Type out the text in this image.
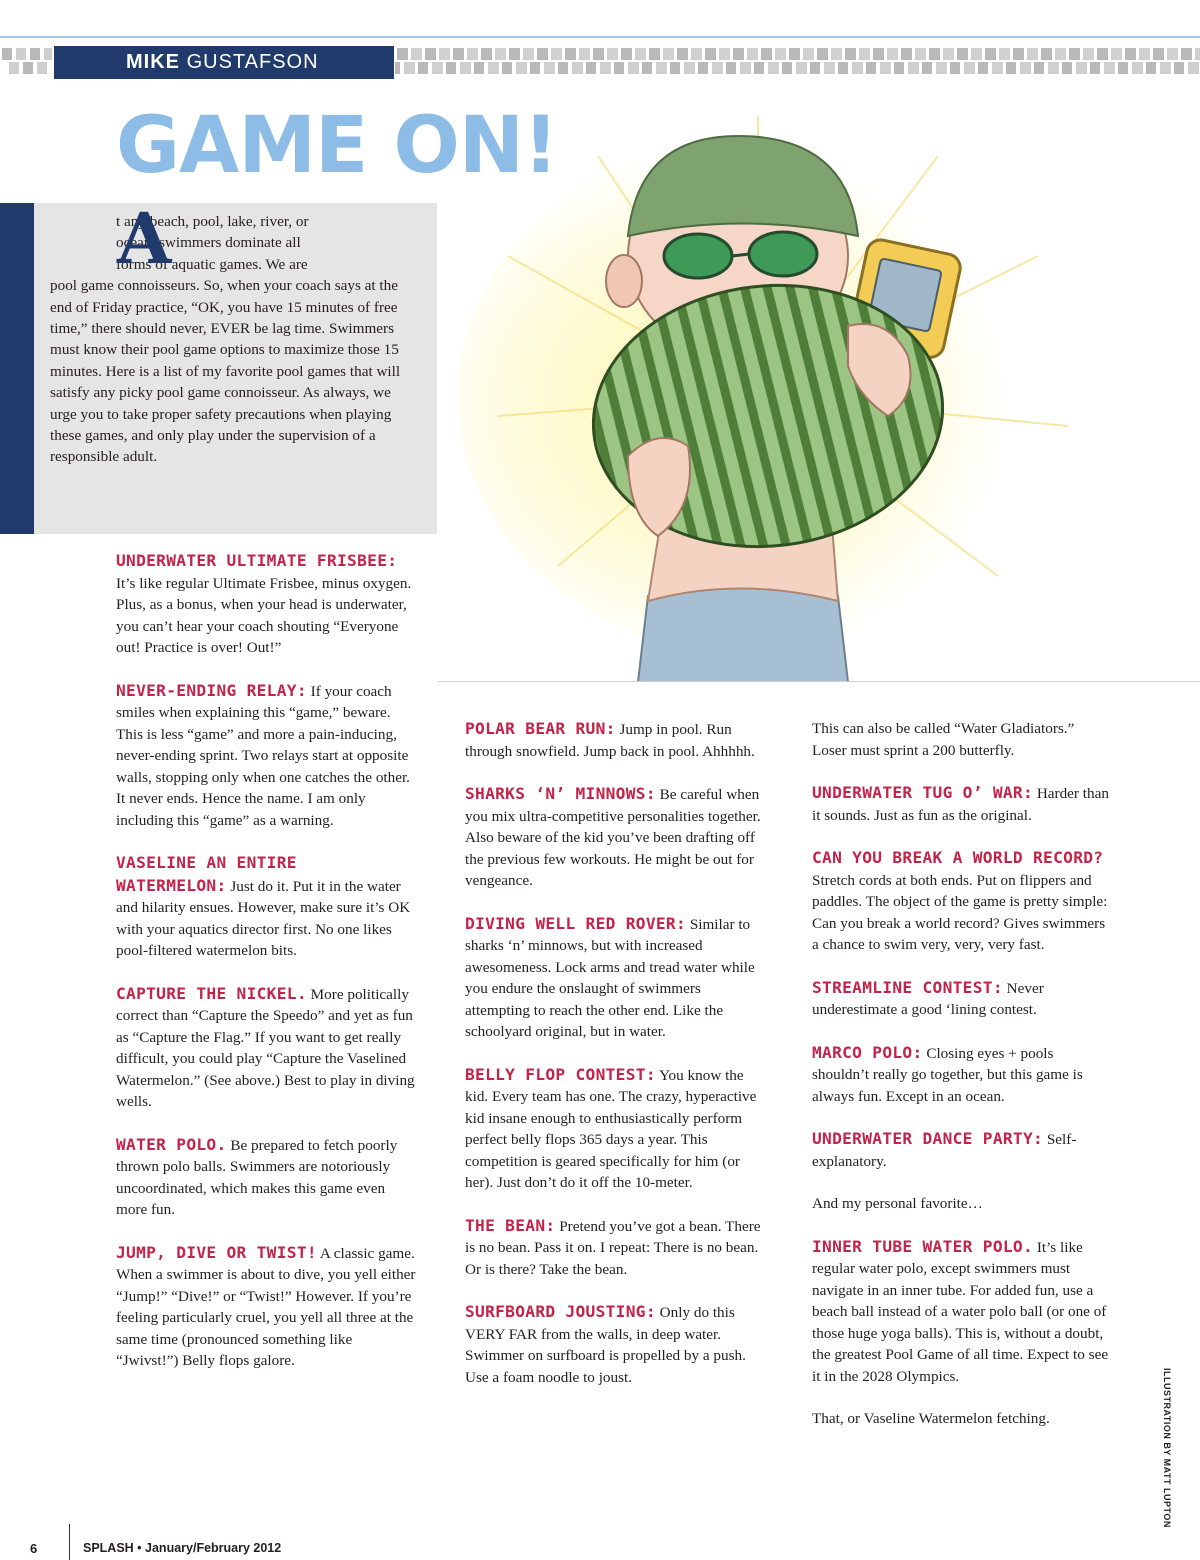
MIKE GUSTAFSON
GAME ON!

t any beach, pool, lake, river, or
ocean, swimmers dominate all
forms of aquatic games. We are

pool game connoisseurs. So, when your coach says at the end of Friday practice, “OK, you have 15 minutes of free time,” there should never, EVER be lag time. Swimmers must know their pool game options to maximize those 15 minutes. Here is a list of my favorite pool games that will satisfy any picky pool game connoisseur. As always, we urge you to take proper safety precautions when playing these games, and only play under the supervision of a responsible adult.

A

UNDERWATER ULTIMATE FRISBEE: It’s like regular Ultimate Frisbee, minus oxygen. Plus, as a bonus, when your head is underwater, you can’t hear your coach shouting “Everyone out! Practice is over! Out!”

NEVER-ENDING RELAY: If your coach smiles when explaining this “game,” beware. This is less “game” and more a pain-inducing, never-ending sprint. Two relays start at opposite walls, stopping only when one catches the other. It never ends. Hence the name. I am only including this “game” as a warning.

VASELINE AN ENTIRE WATERMELON: Just do it. Put it in the water and hilarity ensues. However, make sure it’s OK with your aquatics director first. No one likes pool-filtered watermelon bits.

CAPTURE THE NICKEL. More politically correct than “Capture the Speedo” and yet as fun as “Capture the Flag.” If you want to get really difficult, you could play “Capture the Vaselined Watermelon.” (See above.) Best to play in diving wells.

WATER POLO. Be prepared to fetch poorly thrown polo balls. Swimmers are notoriously uncoordinated, which makes this game even more fun.

JUMP, DIVE OR TWIST! A classic game. When a swimmer is about to dive, you yell either “Jump!” “Dive!” or “Twist!” However. If you’re feeling particularly cruel, you yell all three at the same time (pronounced something like “Jwivst!”) Belly flops galore.

POLAR BEAR RUN: Jump in pool. Run through snowfield. Jump back in pool. Ahhhhh.

SHARKS ‘N’ MINNOWS: Be careful when you mix ultra-competitive personalities together. Also beware of the kid you’ve been drafting off the previous few workouts. He might be out for vengeance.

DIVING WELL RED ROVER: Similar to sharks ‘n’ minnows, but with increased awesomeness. Lock arms and tread water while you endure the onslaught of swimmers attempting to reach the other end. Like the schoolyard original, but in water.

BELLY FLOP CONTEST: You know the kid. Every team has one. The crazy, hyperactive kid insane enough to enthusiastically perform perfect belly flops 365 days a year. This competition is geared specifically for him (or her). Just don’t do it off the 10-meter.

THE BEAN: Pretend you’ve got a bean. There is no bean. Pass it on. I repeat: There is no bean. Or is there? Take the bean.

SURFBOARD JOUSTING: Only do this VERY FAR from the walls, in deep water. Swimmer on surfboard is propelled by a push. Use a foam noodle to joust.

This can also be called “Water Gladiators.” Loser must sprint a 200 butterfly.

UNDERWATER TUG O’ WAR: Harder than it sounds. Just as fun as the original.

CAN YOU BREAK A WORLD RECORD? Stretch cords at both ends. Put on flippers and paddles. The object of the game is pretty simple: Can you break a world record? Gives swimmers a chance to swim very, very, very fast.

STREAMLINE CONTEST: Never underestimate a good ‘lining contest.

MARCO POLO: Closing eyes + pools shouldn’t really go together, but this game is always fun. Except in an ocean.

UNDERWATER DANCE PARTY: Self-explanatory.

And my personal favorite…

INNER TUBE WATER POLO. It’s like regular water polo, except swimmers must navigate in an inner tube. For added fun, use a beach ball instead of a water polo ball (or one of those huge yoga balls). This is, without a doubt, the greatest Pool Game of all time. Expect to see it in the 2028 Olympics.

That, or Vaseline Watermelon fetching.	ILLUSTRATION BY MATT LUPTON
6	SPLASH • January/February 2012
